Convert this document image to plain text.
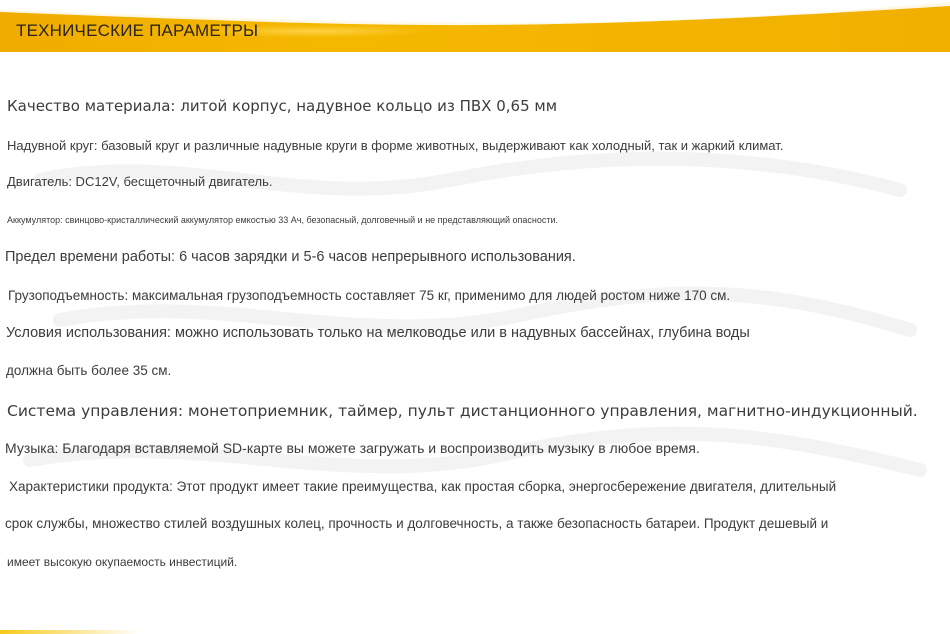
ТЕХНИЧЕСКИЕ ПАРАМЕТРЫ
Качество материала: литой корпус, надувное кольцо из ПВХ 0,65 мм
Надувной круг: базовый круг и различные надувные круги в форме животных, выдерживают как холодный, так и жаркий климат.
Двигатель: DC12V, бесщеточный двигатель.
Аккумулятор: свинцово-кристаллический аккумулятор емкостью 33 Ач, безопасный, долговечный и не представляющий опасности.
Предел времени работы: 6 часов зарядки и 5-6 часов непрерывного использования.
Грузоподъемность: максимальная грузоподъемность составляет 75 кг, применимо для людей ростом ниже 170 см.
Условия использования: можно использовать только на мелководье или в надувных бассейнах, глубина воды
должна быть более 35 см.
Система управления: монетоприемник, таймер, пульт дистанционного управления, магнитно-индукционный.
Музыка: Благодаря вставляемой SD-карте вы можете загружать и воспроизводить музыку в любое время.
Характеристики продукта: Этот продукт имеет такие преимущества, как простая сборка, энергосбережение двигателя, длительный
срок службы, множество стилей воздушных колец, прочность и долговечность, а также безопасность батареи. Продукт дешевый и
имеет высокую окупаемость инвестиций.
